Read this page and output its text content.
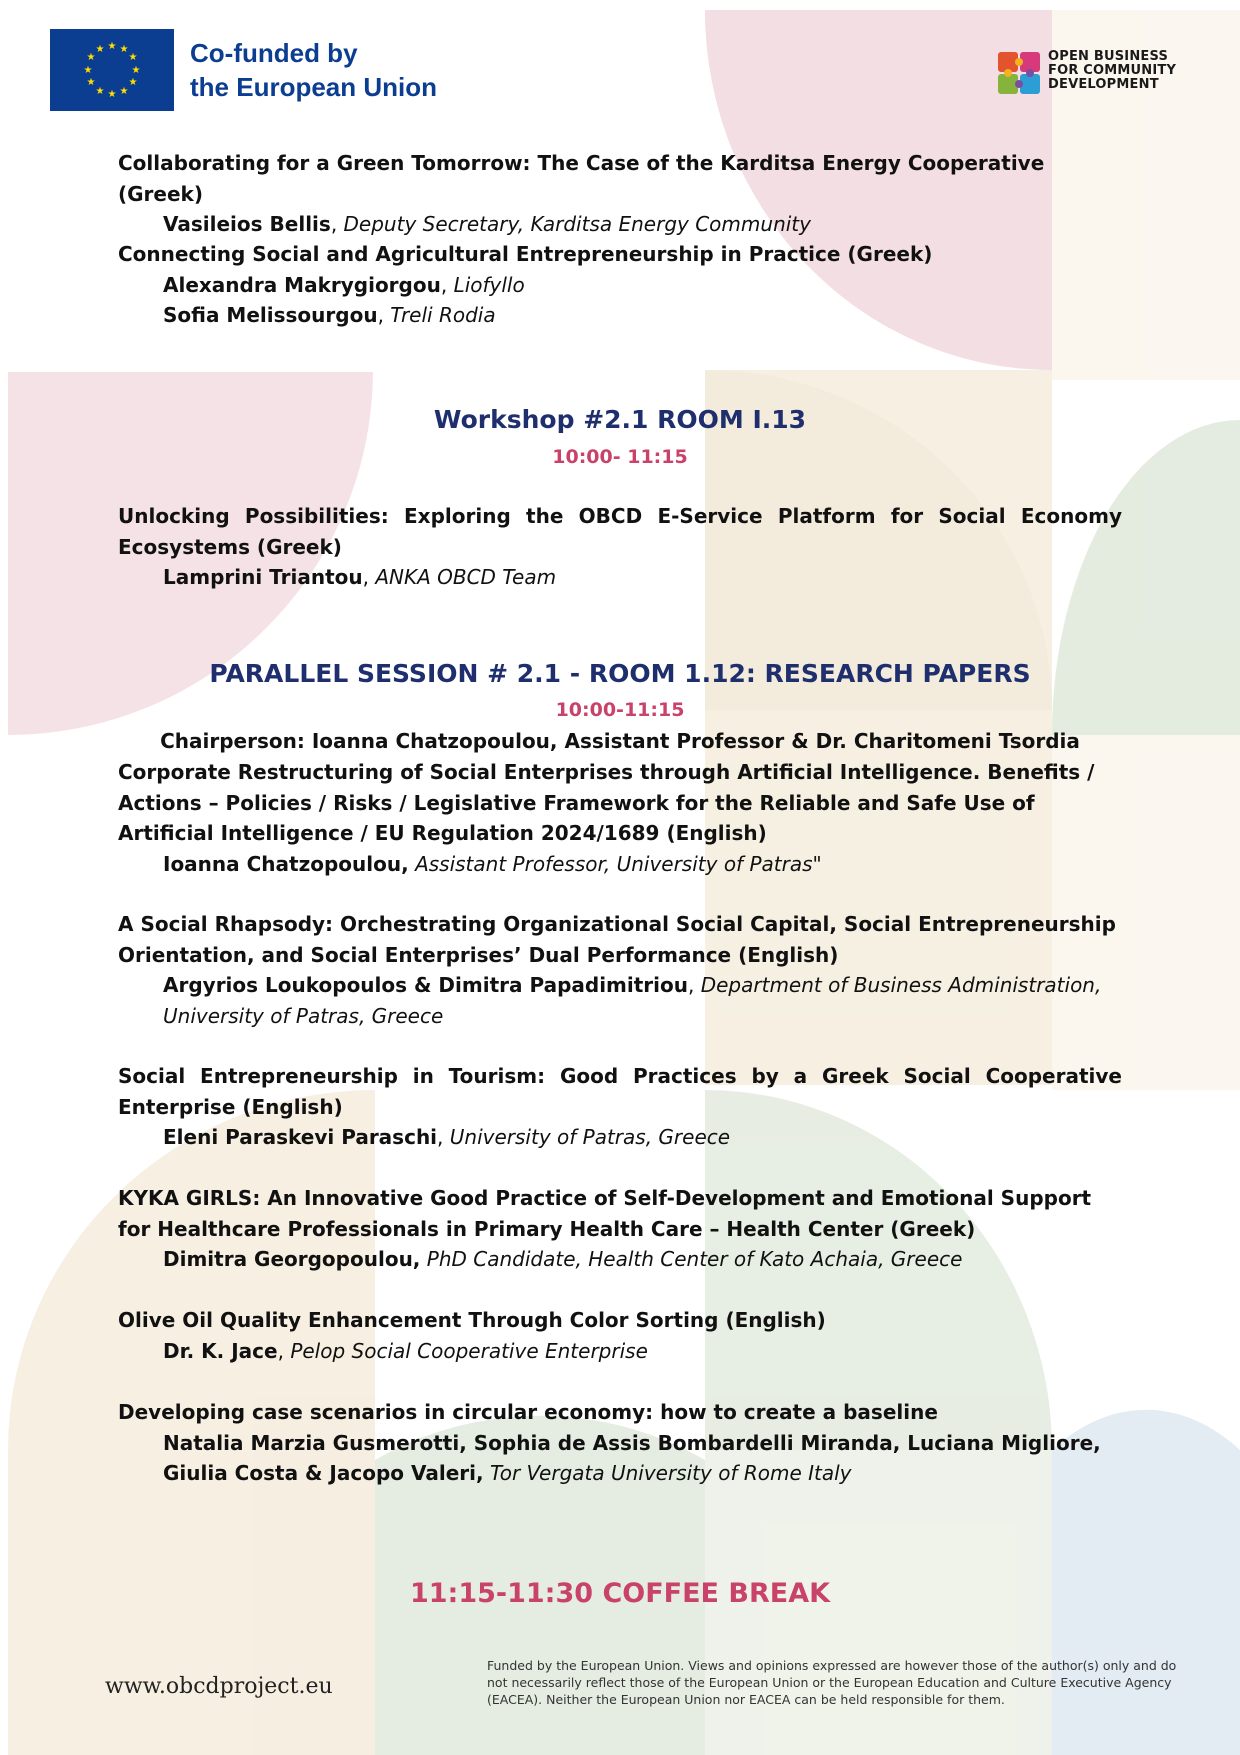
★ ★
★
★
★
★
★
★
★
★
★
★	Co-funded by
the European Union
OPEN BUSINESS
FOR COMMUNITY
DEVELOPMENT
Collaborating for a Green Tomorrow: The Case of the Karditsa Energy Cooperative (Greek)
Vasileios Bellis, Deputy Secretary, Karditsa Energy Community
Connecting Social and Agricultural Entrepreneurship in Practice (Greek)
Alexandra Makrygiorgou, Liofyllo
Sofia Melissourgou, Treli Rodia
Workshop #2.1 ROOM I.13
10:00- 11:15
Unlocking Possibilities: Exploring the OBCD E-Service Platform for Social Economy Ecosystems (Greek)
Lamprini Triantou, ANKA OBCD Team
PARALLEL SESSION # 2.1 - ROOM 1.12: RESEARCH PAPERS
10:00-11:15
Chairperson: Ioanna Chatzopoulou, Assistant Professor & Dr. Charitomeni Tsordia
Corporate Restructuring of Social Enterprises through Artificial Intelligence. Benefits / Actions – Policies / Risks / Legislative Framework for the Reliable and Safe Use of Artificial Intelligence / EU Regulation 2024/1689 (English)
Ioanna Chatzopoulou, Assistant Professor, University of Patras"
A Social Rhapsody: Orchestrating Organizational Social Capital, Social Entrepreneurship Orientation, and Social Enterprises’ Dual Performance (English)
Argyrios Loukopoulos & Dimitra Papadimitriou, Department of Business Administration, University of Patras, Greece
Social Entrepreneurship in Tourism: Good Practices by a Greek Social Cooperative Enterprise (English)
Eleni Paraskevi Paraschi, University of Patras, Greece
KYKA GIRLS: An Innovative Good Practice of Self-Development and Emotional Support for Healthcare Professionals in Primary Health Care – Health Center (Greek)
Dimitra Georgopoulou, PhD Candidate, Health Center of Kato Achaia, Greece
Olive Oil Quality Enhancement Through Color Sorting (English)
Dr. K. Jace, Pelop Social Cooperative Enterprise
Developing case scenarios in circular economy: how to create a baseline
Natalia Marzia Gusmerotti, Sophia de Assis Bombardelli Miranda, Luciana Migliore, Giulia Costa & Jacopo Valeri, Tor Vergata University of Rome Italy
11:15-11:30 COFFEE BREAK
www.obcdproject.eu
Funded by the European Union. Views and opinions expressed are however those of the author(s) only and do not necessarily reflect those of the European Union or the European Education and Culture Executive Agency (EACEA). Neither the European Union nor EACEA can be held responsible for them.
